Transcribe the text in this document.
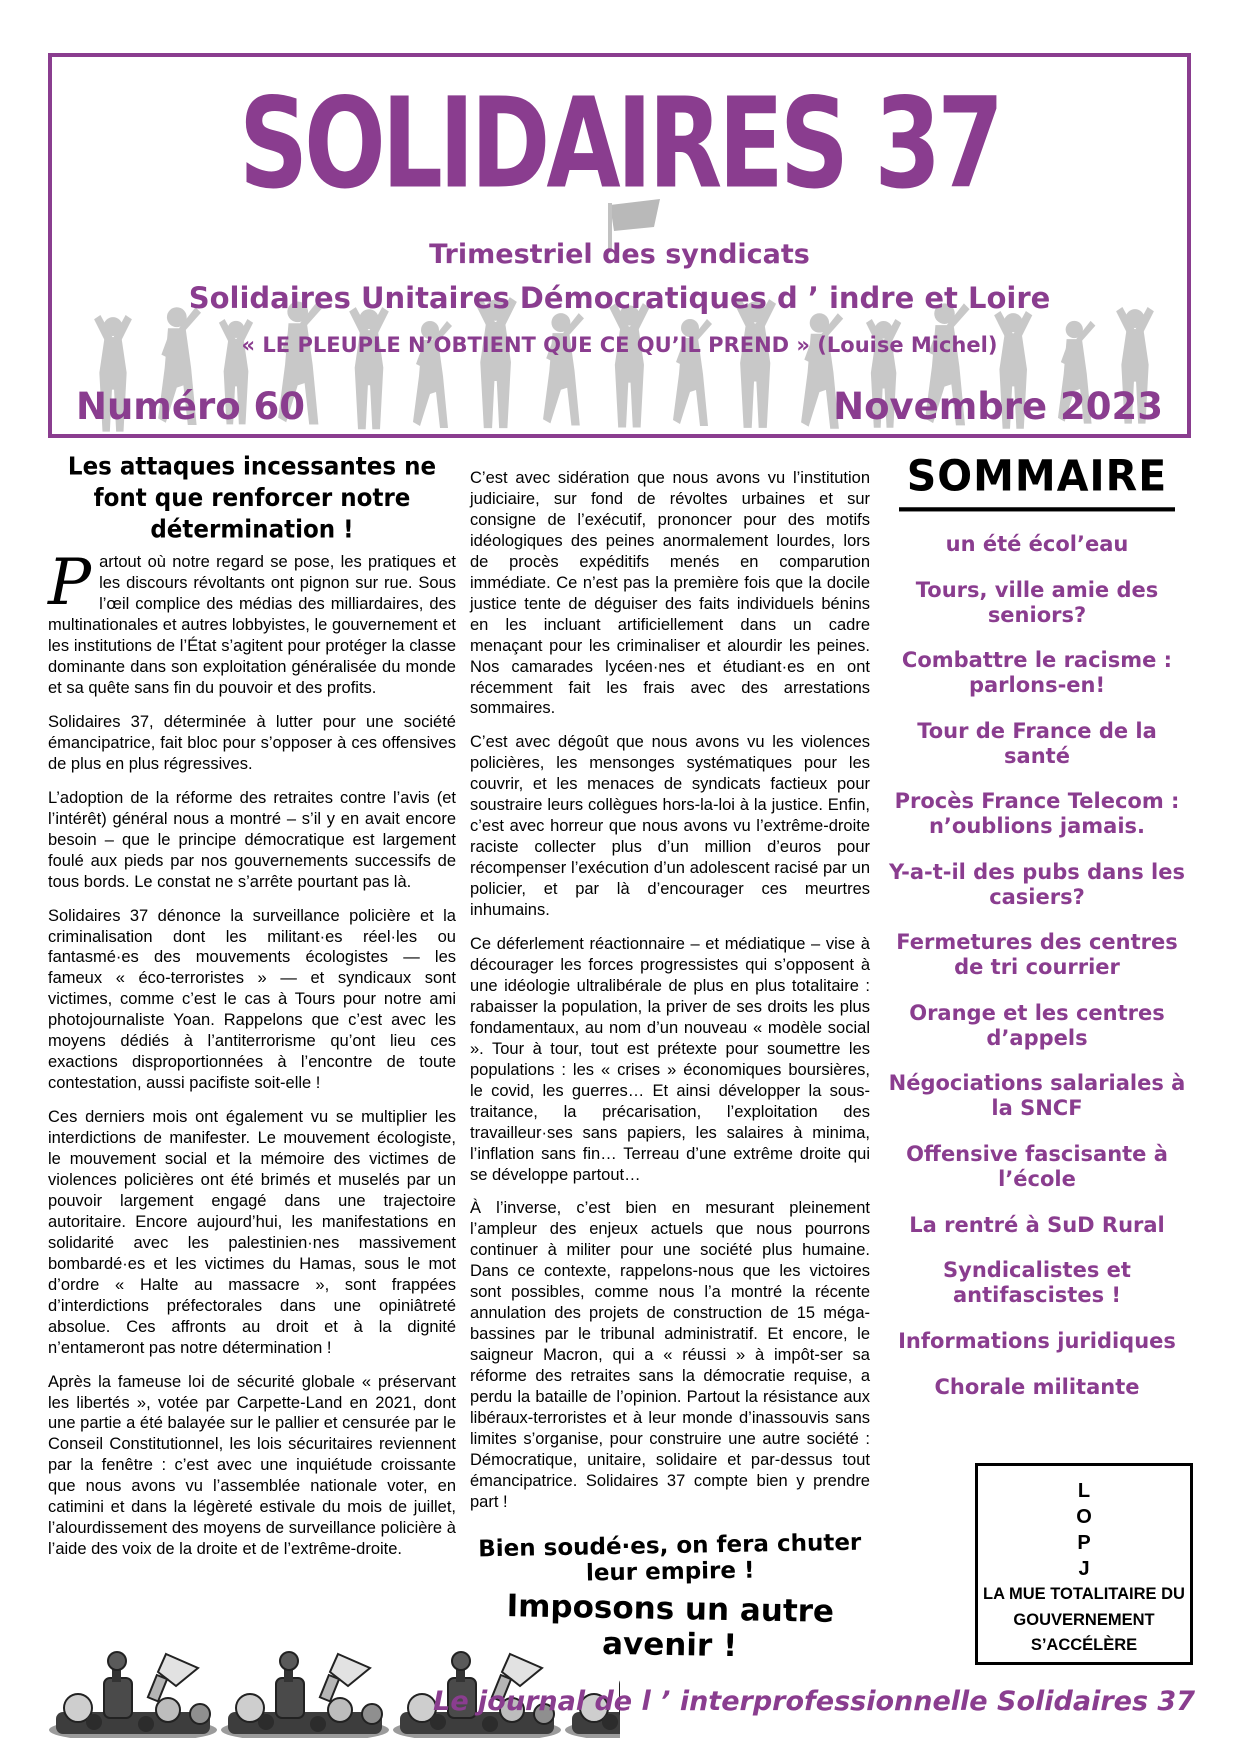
SOLIDAIRES 37
Trimestriel des syndicats
Solidaires Unitaires Démocratiques d ’ indre et Loire
« LE PLEUPLE N’OBTIENT QUE CE QU’IL PREND » (Louise Michel)
Numéro 60	Novembre 2023
Les attaques incessantes ne font que renforcer notre détermination !

Partout où notre regard se pose, les pratiques et les discours révoltants ont pignon sur rue. Sous l’œil complice des médias des milliardaires, des multinationales et autres lobbyistes, le gouvernement et les institutions de l’État s’agitent pour protéger la classe dominante dans son exploitation généralisée du monde et sa quête sans fin du pouvoir et des profits.

Solidaires 37, déterminée à lutter pour une société émancipatrice, fait bloc pour s’opposer à ces offensives de plus en plus régressives.

L’adoption de la réforme des retraites contre l’avis (et l’intérêt) général nous a montré – s’il y en avait encore besoin – que le principe démocratique est largement foulé aux pieds par nos gouvernements successifs de tous bords. Le constat ne s’arrête pourtant pas là.

Solidaires 37 dénonce la surveillance policière et la criminalisation dont les militant·es réel·les ou fantasmé·es des mouvements écologistes — les fameux « éco-terroristes » — et syndicaux sont victimes, comme c’est le cas à Tours pour notre ami photojournaliste Yoan. Rappelons que c’est avec les moyens dédiés à l’antiterrorisme qu’ont lieu ces exactions disproportionnées à l’encontre de toute contestation, aussi pacifiste soit-elle !

Ces derniers mois ont également vu se multiplier les interdictions de manifester. Le mouvement écologiste, le mouvement social et la mémoire des victimes de violences policières ont été brimés et muselés par un pouvoir largement engagé dans une trajectoire autoritaire. Encore aujourd’hui, les manifestations en solidarité avec les palestinien·nes massivement bombardé·es et les victimes du Hamas, sous le mot d’ordre « Halte au massacre », sont frappées d’interdictions préfectorales dans une opiniâtreté absolue. Ces affronts au droit et à la dignité n’entameront pas notre détermination !

Après la fameuse loi de sécurité globale « préservant les libertés », votée par Carpette-Land en 2021, dont une partie a été balayée sur le pallier et censurée par le Conseil Constitutionnel, les lois sécuritaires reviennent par la fenêtre : c’est avec une inquiétude croissante que nous avons vu l’assemblée nationale voter, en catimini et dans la légèreté estivale du mois de juillet, l’alourdissement des moyens de surveillance policière à l’aide des voix de la droite et de l’extrême-droite.

C’est avec sidération que nous avons vu l’institution judiciaire, sur fond de révoltes urbaines et sur consigne de l’exécutif, prononcer pour des motifs idéologiques des peines anormalement lourdes, lors de procès expéditifs menés en comparution immédiate. Ce n’est pas la première fois que la docile justice tente de déguiser des faits individuels bénins en les incluant artificiellement dans un cadre menaçant pour les criminaliser et alourdir les peines. Nos camarades lycéen·nes et étudiant·es en ont récemment fait les frais avec des arrestations sommaires.

C’est avec dégoût que nous avons vu les violences policières, les mensonges systématiques pour les couvrir, et les menaces de syndicats factieux pour soustraire leurs collègues hors-la-loi à la justice. Enfin, c’est avec horreur que nous avons vu l’extrême-droite raciste collecter plus d’un million d’euros pour récompenser l’exécution d’un adolescent racisé par un policier, et par là d’encourager ces meurtres inhumains.

Ce déferlement réactionnaire – et médiatique – vise à décourager les forces progressistes qui s’opposent à une idéologie ultralibérale de plus en plus totalitaire : rabaisser la population, la priver de ses droits les plus fondamentaux, au nom d’un nouveau « modèle social ». Tour à tour, tout est prétexte pour soumettre les populations : les « crises » économiques boursières, le covid, les guerres… Et ainsi développer la sous-traitance, la précarisation, l’exploitation des travailleur·ses sans papiers, les salaires à minima, l’inflation sans fin… Terreau d’une extrême droite qui se développe partout…

À l’inverse, c’est bien en mesurant pleinement l’ampleur des enjeux actuels que nous pourrons continuer à militer pour une société plus humaine. Dans ce contexte, rappelons-nous que les victoires sont possibles, comme nous l’a montré la récente annulation des projets de construction de 15 méga-bassines par le tribunal administratif. Et encore, le saigneur Macron, qui a « réussi » à impôt-ser sa réforme des retraites sans la démocratie requise, a perdu la bataille de l’opinion. Partout la résistance aux libéraux-terroristes et à leur monde d’inassouvis sans limites s’organise, pour construire une autre société : Démocratique, unitaire, solidaire et par-dessus tout émancipatrice. Solidaires 37 compte bien y prendre part !

Bien soudé·es, on fera chuter leur empire !

Imposons un autre avenir !

SOMMAIRE
un été écol’eau
Tours, ville amie des seniors?
Combattre le racisme : parlons-en!
Tour de France de la santé
Procès France Telecom : n’oublions jamais.
Y-a-t-il des pubs dans les casiers?
Fermetures des centres de tri courrier
Orange et les centres d’appels
Négociations salariales à la SNCF
Offensive fascisante à l’école
La rentré à SuD Rural
Syndicalistes et antifascistes !
Informations juridiques
Chorale militante
L
O
P
J
LA MUE TOTALITAIRE DU
GOUVERNEMENT
S’ACCÉLÈRE
Le journal de l ’ interprofessionnelle Solidaires 37
